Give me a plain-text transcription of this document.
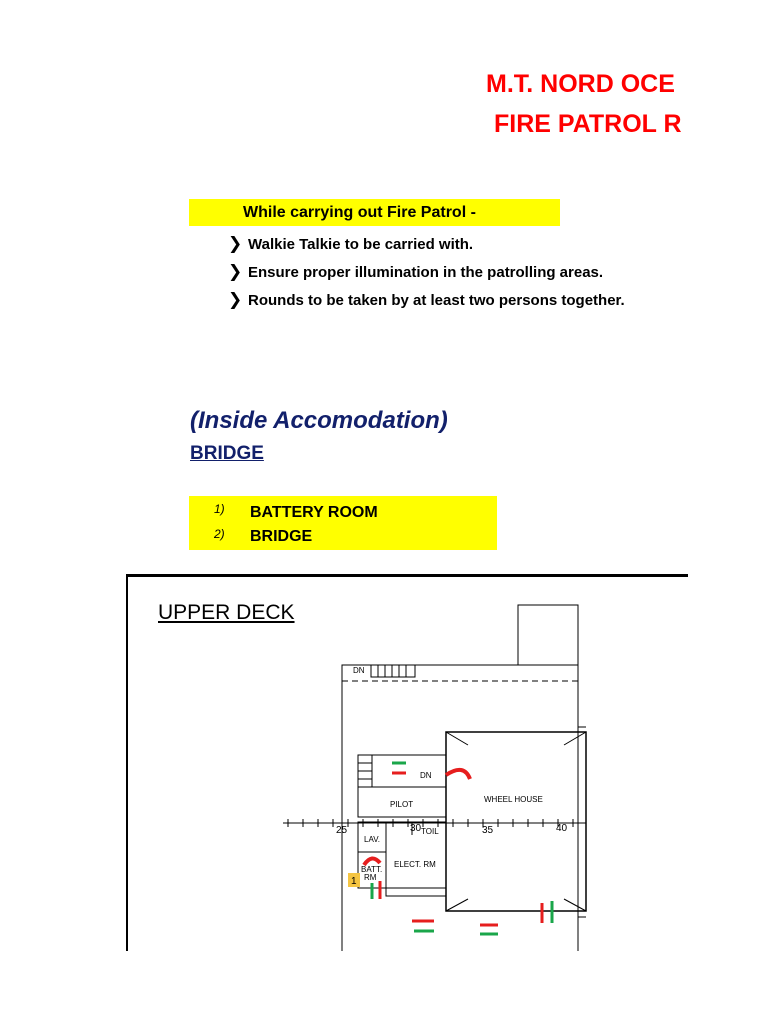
M.T. NORD OCE
FIRE PATROL R
While carrying out Fire Patrol -
❯ Walkie Talkie to be carried with.
❯ Ensure proper illumination in the patrolling areas.
❯ Rounds to be taken by at least two persons together.
(Inside Accomodation)
BRIDGE
1) BATTERY ROOM
2) BRIDGE
UPPER DECK
DN
DN
PILOT
WHEEL HOUSE
LAV.
TOIL
ELECT. RM
BATT.
RM
25	30	35	40
1
